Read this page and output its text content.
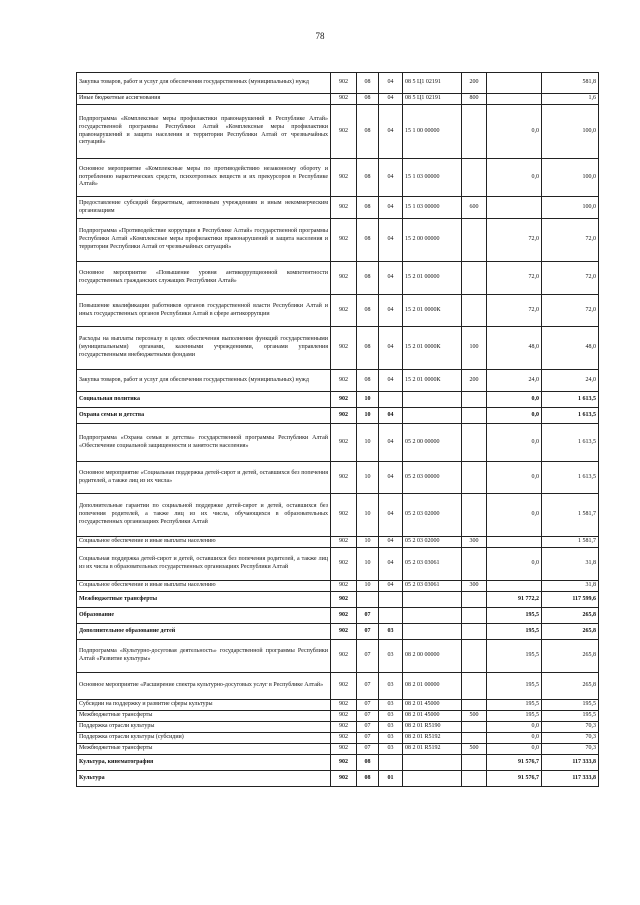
78
Закупка товаров, работ и услуг для обеспечения государственных (муниципальных) нужд	902	08	04	08 5 Ц1 02191	200		581,8
Иные бюджетные ассигнования	902	08	04	08 5 Ц1 02191	800		1,6
Подпрограмма «Комплексные меры профилактики правонарушений в Республике Алтай» государственной программы Республики Алтай «Комплексные меры профилактики правонарушений и защита населения и территории Республики Алтай от чрезвычайных ситуаций»	902	08	04	15 1 00 00000		0,0	100,0
Основное мероприятие «Комплексные меры по противодействию незаконному обороту и потреблению наркотических средств, психотропных веществ и их прекурсоров в Республике Алтай»	902	08	04	15 1 03 00000		0,0	100,0
Предоставление субсидий бюджетным, автономным учреждениям и иным некоммерческим организациям	902	08	04	15 1 03 00000	600		100,0
Подпрограмма «Противодействие коррупции в Республике Алтай» государственной программы Республики Алтай «Комплексные меры профилактики правонарушений и защита населения и территории Республики Алтай от чрезвычайных ситуаций»	902	08	04	15 2 00 00000		72,0	72,0
Основное мероприятие «Повышение уровня антикоррупционной компетентности государственных гражданских служащих Республики Алтай»	902	08	04	15 2 01 00000		72,0	72,0
Повышение квалификации работников органов государственной власти Республики Алтай и иных государственных органов Республики Алтай в сфере антикоррупции	902	08	04	15 2 01 0000К		72,0	72,0
Расходы на выплаты персоналу в целях обеспечения выполнения функций государственными (муниципальными) органами, казенными учреждениями, органами управления государственными внебюджетными фондами	902	08	04	15 2 01 0000К	100	48,0	48,0
Закупка товаров, работ и услуг для обеспечения государственных (муниципальных) нужд	902	08	04	15 2 01 0000К	200	24,0	24,0
Социальная политика	902	10				0,0	1 613,5
Охрана семьи и детства	902	10	04			0,0	1 613,5
Подпрограмма «Охрана семьи и детства» государственной программы Республики Алтай «Обеспечение социальной защищенности и занятости населения»	902	10	04	05 2 00 00000		0,0	1 613,5
Основное мероприятие «Социальная поддержка детей-сирот и детей, оставшихся без попечения родителей, а также лиц из их числа»	902	10	04	05 2 03 00000		0,0	1 613,5
Дополнительные гарантии по социальной поддержке детей-сирот и детей, оставшихся без попечения родителей, а также лиц из их числа, обучающихся в образовательных государственных организациях Республики Алтай	902	10	04	05 2 03 02000		0,0	1 581,7
Социальное обеспечение и иные выплаты населению	902	10	04	05 2 03 02000	300		1 581,7
Социальная поддержка детей-сирот и детей, оставшихся без попечения родителей, а также лиц из их числа в образовательных государственных организациях Республики Алтай	902	10	04	05 2 03 03061		0,0	31,8
Социальное обеспечение и иные выплаты населению	902	10	04	05 2 03 03061	300		31,8
Межбюджетные трансферты	902					91 772,2	117 599,6
Образование	902	07				195,5	265,8
Дополнительное образование детей	902	07	03			195,5	265,8
Подпрограмма «Культурно-досуговая деятельность» государственной программы Республики Алтай «Развитие культуры»	902	07	03	08 2 00 00000		195,5	265,8
Основное мероприятие «Расширение спектра культурно-досуговых услуг в Республике Алтай»	902	07	03	08 2 01 00000		195,5	265,8
Субсидии на поддержку и развитие сферы культуры	902	07	03	08 2 01 45000		195,5	195,5
Межбюджетные трансферты	902	07	03	08 2 01 45000	500	195,5	195,5
Поддержка отрасли культуры	902	07	03	08 2 01 R5190		0,0	70,3
Поддержка отрасли культуры (субсидии)	902	07	03	08 2 01 R5192		0,0	70,3
Межбюджетные трансферты	902	07	03	08 2 01 R5192	500	0,0	70,3
Культура, кинематография	902	08				91 576,7	117 333,8
Культура	902	08	01			91 576,7	117 333,8
